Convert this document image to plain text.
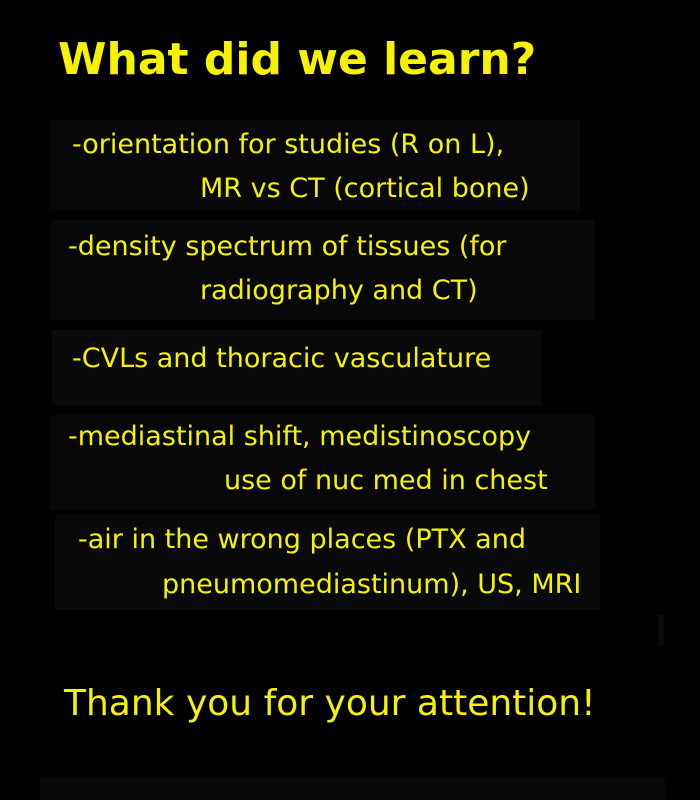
What did we learn?

-orientation for studies (R on L),

MR vs CT (cortical bone)

-density spectrum of tissues (for

radiography and CT)

-CVLs and thoracic vasculature

-mediastinal shift, medistinoscopy

use of nuc med in chest

-air in the wrong places (PTX and

pneumomediastinum), US, MRI

Thank you for your attention!
